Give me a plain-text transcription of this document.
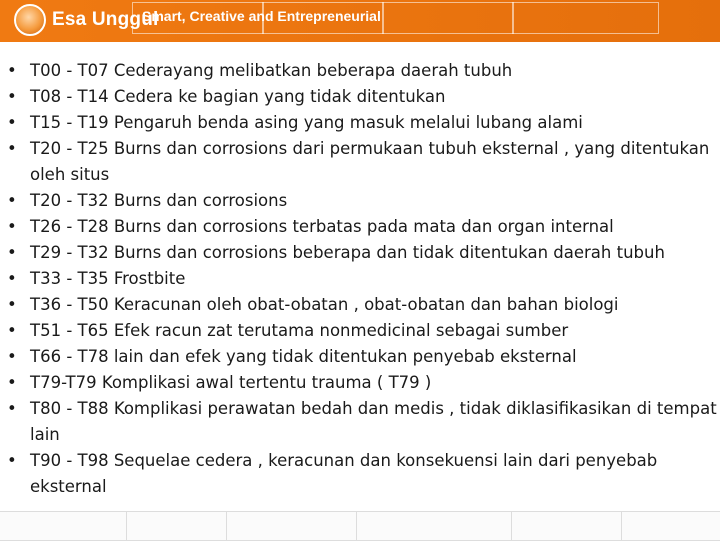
Esa Unggul
Smart, Creative and Entrepreneurial
• T00 - T07 Cederayang melibatkan beberapa daerah tubuh
• T08 - T14 Cedera ke bagian yang tidak ditentukan
• T15 - T19 Pengaruh benda asing yang masuk melalui lubang alami
• T20 - T25 Burns dan corrosions dari permukaan tubuh eksternal , yang ditentukan oleh situs
• T20 - T32 Burns dan corrosions
• T26 - T28 Burns dan corrosions terbatas pada mata dan organ internal
• T29 - T32 Burns dan corrosions beberapa dan tidak ditentukan daerah tubuh
• T33 - T35 Frostbite
• T36 - T50 Keracunan oleh obat-obatan , obat-obatan dan bahan biologi
• T51 - T65 Efek racun zat terutama nonmedicinal sebagai sumber
• T66 - T78 lain dan efek yang tidak ditentukan penyebab eksternal
• T79-T79 Komplikasi awal tertentu trauma ( T79 )
• T80 - T88 Komplikasi perawatan bedah dan medis , tidak diklasifikasikan di tempat lain
• T90 - T98 Sequelae cedera , keracunan dan konsekuensi lain dari penyebab eksternal
